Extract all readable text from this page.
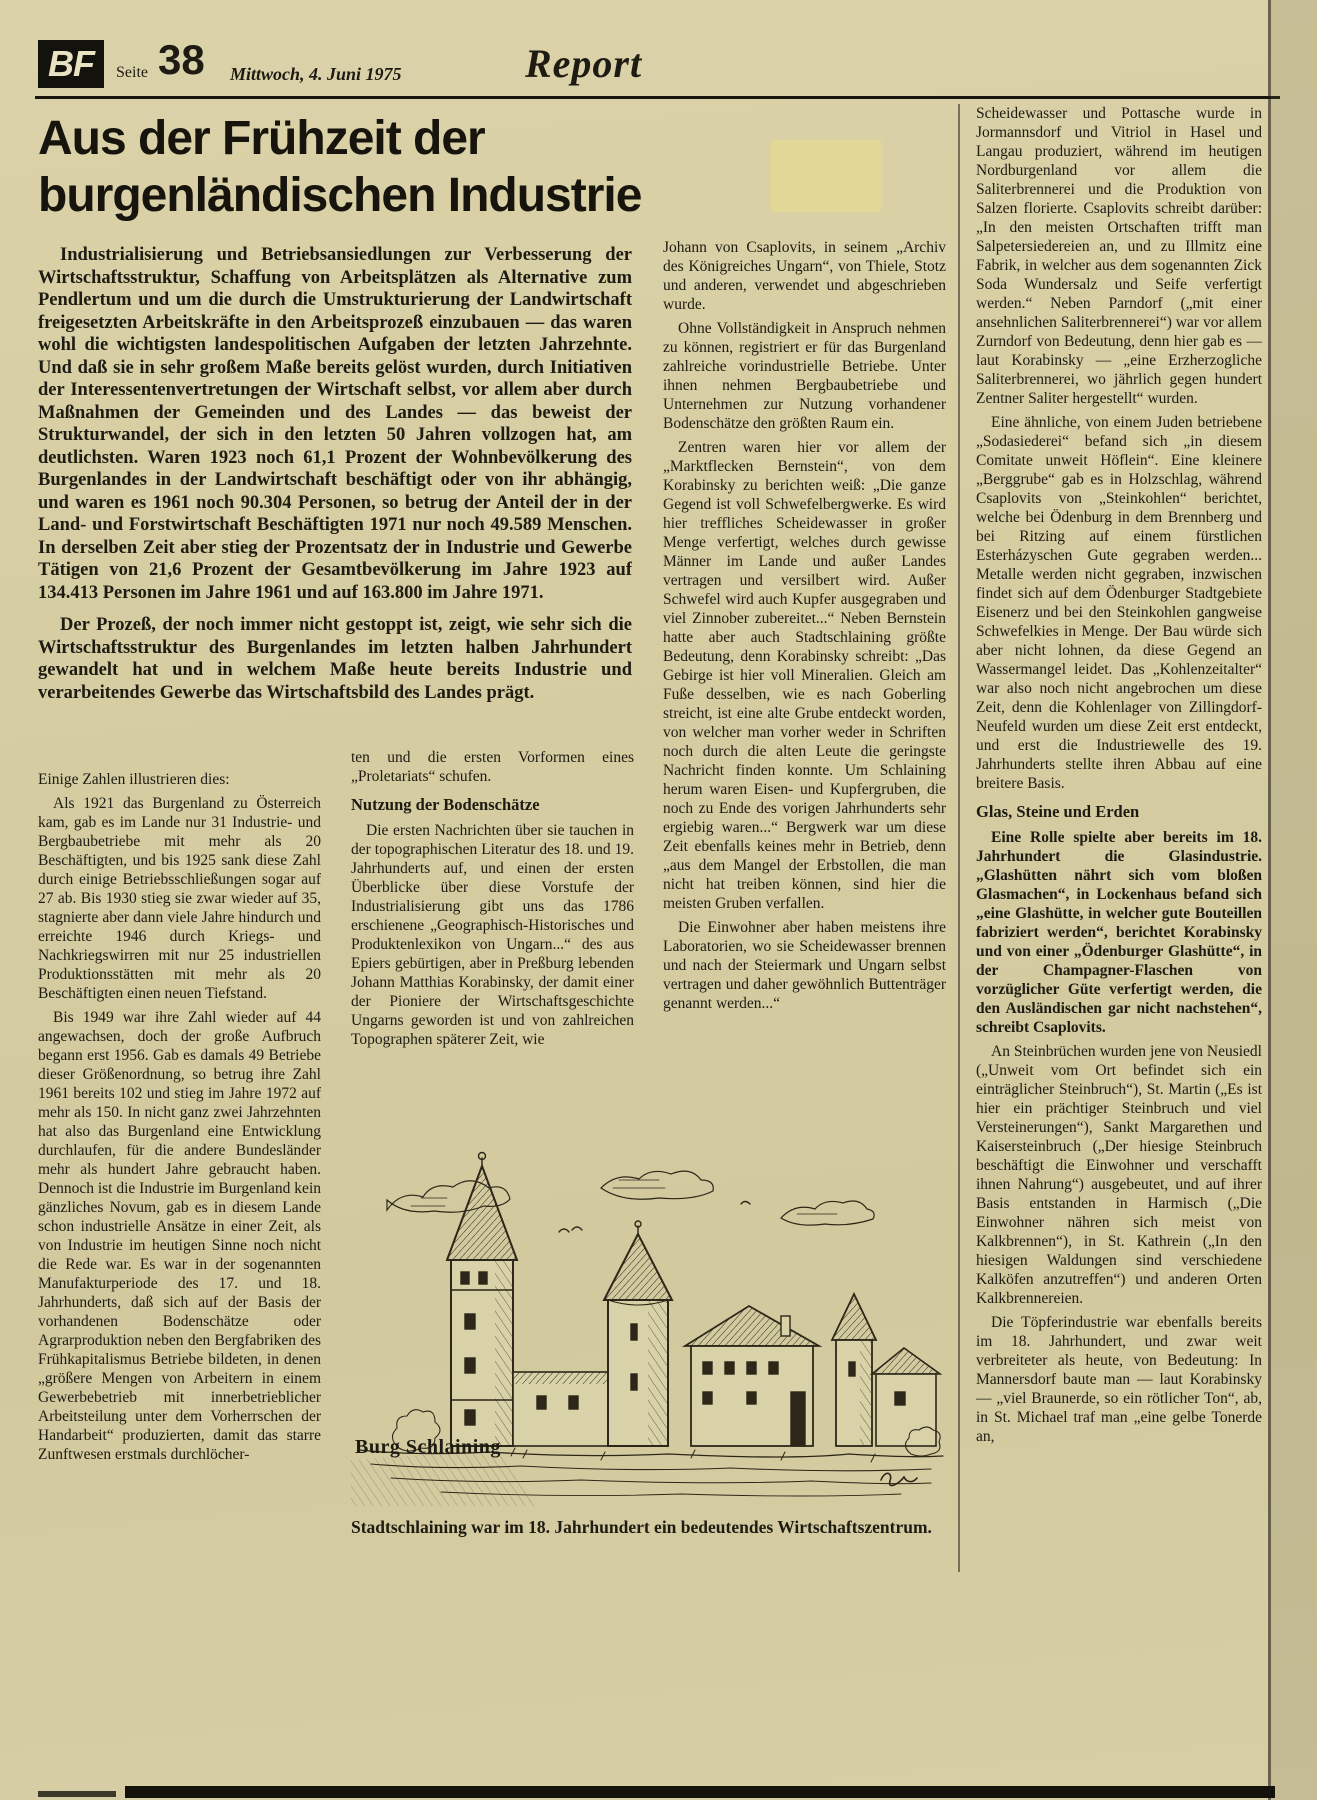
BF	Seite 38 Mittwoch, 4. Juni 1975	Report
Aus der Frühzeit der
burgenländischen Industrie

Industrialisierung und Betriebsansiedlungen zur Verbesserung der Wirtschaftsstruktur, Schaffung von Arbeitsplätzen als Alternative zum Pendlertum und um die durch die Umstrukturierung der Landwirtschaft freigesetzten Arbeitskräfte in den Arbeitsprozeß einzubauen — das waren wohl die wichtigsten landespolitischen Aufgaben der letzten Jahrzehnte. Und daß sie in sehr großem Maße bereits gelöst wurden, durch Initiativen der Interessentenvertretungen der Wirtschaft selbst, vor allem aber durch Maßnahmen der Gemeinden und des Landes — das beweist der Strukturwandel, der sich in den letzten 50 Jahren vollzogen hat, am deutlichsten. Waren 1923 noch 61,1 Prozent der Wohnbevölkerung des Burgenlandes in der Landwirtschaft beschäftigt oder von ihr abhängig, und waren es 1961 noch 90.304 Personen, so betrug der Anteil der in der Land- und Forstwirtschaft Beschäftigten 1971 nur noch 49.589 Menschen. In derselben Zeit aber stieg der Prozentsatz der in Industrie und Gewerbe Tätigen von 21,6 Prozent der Gesamtbevölkerung im Jahre 1923 auf 134.413 Personen im Jahre 1961 und auf 163.800 im Jahre 1971.

Der Prozeß, der noch immer nicht gestoppt ist, zeigt, wie sehr sich die Wirtschaftsstruktur des Burgenlandes im letzten halben Jahrhundert gewandelt hat und in welchem Maße heute bereits Industrie und verarbeitendes Gewerbe das Wirtschaftsbild des Landes prägt.

Einige Zahlen illustrieren dies:

Als 1921 das Burgenland zu Österreich kam, gab es im Lande nur 31 Industrie- und Bergbaubetriebe mit mehr als 20 Beschäftigten, und bis 1925 sank diese Zahl durch einige Betriebsschließungen sogar auf 27 ab. Bis 1930 stieg sie zwar wieder auf 35, stagnierte aber dann viele Jahre hindurch und erreichte 1946 durch Kriegs- und Nachkriegswirren mit nur 25 industriellen Produktionsstätten mit mehr als 20 Beschäftigten einen neuen Tiefstand.

Bis 1949 war ihre Zahl wieder auf 44 angewachsen, doch der große Aufbruch begann erst 1956. Gab es damals 49 Betriebe dieser Größenordnung, so betrug ihre Zahl 1961 bereits 102 und stieg im Jahre 1972 auf mehr als 150. In nicht ganz zwei Jahrzehnten hat also das Burgenland eine Entwicklung durchlaufen, für die andere Bundesländer mehr als hundert Jahre gebraucht haben. Dennoch ist die Industrie im Burgenland kein gänzliches Novum, gab es in diesem Lande schon industrielle Ansätze in einer Zeit, als von Industrie im heutigen Sinne noch nicht die Rede war. Es war in der sogenannten Manufakturperiode des 17. und 18. Jahrhunderts, daß sich auf der Basis der vorhandenen Bodenschätze oder Agrarproduktion neben den Bergfabriken des Frühkapitalismus Betriebe bildeten, in denen „größere Mengen von Arbeitern in einem Gewerbebetrieb mit innerbetrieblicher Arbeitsteilung unter dem Vorherrschen der Handarbeit“ produzierten, damit das starre Zunftwesen erstmals durchlöcher-

ten und die ersten Vorformen eines „Proletariats“ schufen.

Nutzung der Bodenschätze

Die ersten Nachrichten über sie tauchen in der topographischen Literatur des 18. und 19. Jahrhunderts auf, und einen der ersten Überblicke über diese Vorstufe der Industrialisierung gibt uns das 1786 erschienene „Geographisch-Historisches und Produktenlexikon von Ungarn...“ des aus Epiers gebürtigen, aber in Preßburg lebenden Johann Matthias Korabinsky, der damit einer der Pioniere der Wirtschaftsgeschichte Ungarns geworden ist und von zahlreichen Topographen späterer Zeit, wie

Johann von Csaplovits, in seinem „Archiv des Königreiches Ungarn“, von Thiele, Stotz und anderen, verwendet und abgeschrieben wurde.

Ohne Vollständigkeit in Anspruch nehmen zu können, registriert er für das Burgenland zahlreiche vorindustrielle Betriebe. Unter ihnen nehmen Bergbaubetriebe und Unternehmen zur Nutzung vorhandener Bodenschätze den größten Raum ein.

Zentren waren hier vor allem der „Marktflecken Bernstein“, von dem Korabinsky zu berichten weiß: „Die ganze Gegend ist voll Schwefelbergwerke. Es wird hier treffliches Scheidewasser in großer Menge verfertigt, welches durch gewisse Männer im Lande und außer Landes vertragen und versilbert wird. Außer Schwefel wird auch Kupfer ausgegraben und viel Zinnober zubereitet...“ Neben Bernstein hatte aber auch Stadtschlaining größte Bedeutung, denn Korabinsky schreibt: „Das Gebirge ist hier voll Mineralien. Gleich am Fuße desselben, wie es nach Goberling streicht, ist eine alte Grube entdeckt worden, von welcher man vorher weder in Schriften noch durch die alten Leute die geringste Nachricht finden konnte. Um Schlaining herum waren Eisen- und Kupfergruben, die noch zu Ende des vorigen Jahrhunderts sehr ergiebig waren...“ Bergwerk war um diese Zeit ebenfalls keines mehr in Betrieb, denn „aus dem Mangel der Erbstollen, die man nicht hat treiben können, sind hier die meisten Gruben verfallen.

Die Einwohner aber haben meistens ihre Laboratorien, wo sie Scheidewasser brennen und nach der Steiermark und Ungarn selbst vertragen und daher gewöhnlich Buttenträger genannt werden...“

Scheidewasser und Pottasche wurde in Jormannsdorf und Vitriol in Hasel und Langau produziert, während im heutigen Nordburgenland vor allem die Saliterbrennerei und die Produktion von Salzen florierte. Csaplovits schreibt darüber: „In den meisten Ortschaften trifft man Salpetersiedereien an, und zu Illmitz eine Fabrik, in welcher aus dem sogenannten Zick Soda Wundersalz und Seife verfertigt werden.“ Neben Parndorf („mit einer ansehnlichen Saliterbrennerei“) war vor allem Zurndorf von Bedeutung, denn hier gab es — laut Korabinsky — „eine Erzherzogliche Saliterbrennerei, wo jährlich gegen hundert Zentner Saliter hergestellt“ wurden.

Eine ähnliche, von einem Juden betriebene „Sodasiederei“ befand sich „in diesem Comitate unweit Höflein“. Eine kleinere „Berggrube“ gab es in Holzschlag, während Csaplovits von „Steinkohlen“ berichtet, welche bei Ödenburg in dem Brennberg und bei Ritzing auf einem fürstlichen Esterházyschen Gute gegraben werden... Metalle werden nicht gegraben, inzwischen findet sich auf dem Ödenburger Stadtgebiete Eisenerz und bei den Steinkohlen gangweise Schwefelkies in Menge. Der Bau würde sich aber nicht lohnen, da diese Gegend an Wassermangel leidet. Das „Kohlenzeitalter“ war also noch nicht angebrochen um diese Zeit, denn die Kohlenlager von Zillingdorf-Neufeld wurden um diese Zeit erst entdeckt, und erst die Industriewelle des 19. Jahrhunderts stellte ihren Abbau auf eine breitere Basis.

Glas, Steine und Erden

Eine Rolle spielte aber bereits im 18. Jahrhundert die Glasindustrie. „Glashütten nährt sich vom bloßen Glasmachen“, in Lockenhaus befand sich „eine Glashütte, in welcher gute Bouteillen fabriziert werden“, berichtet Korabinsky und von einer „Ödenburger Glashütte“, in der Champagner-Flaschen von vorzüglicher Güte verfertigt werden, die den Ausländischen gar nicht nachstehen“, schreibt Csaplovits.

An Steinbrüchen wurden jene von Neusiedl („Unweit vom Ort befindet sich ein einträglicher Steinbruch“), St. Martin („Es ist hier ein prächtiger Steinbruch und viel Versteinerungen“), Sankt Margarethen und Kaisersteinbruch („Der hiesige Steinbruch beschäftigt die Einwohner und verschafft ihnen Nahrung“) ausgebeutet, und auf ihrer Basis entstanden in Harmisch („Die Einwohner nähren sich meist von Kalkbrennen“), in St. Kathrein („In den hiesigen Waldungen sind verschiedene Kalköfen anzutreffen“) und anderen Orten Kalkbrennereien.

Die Töpferindustrie war ebenfalls bereits im 18. Jahrhundert, und zwar weit verbreiteter als heute, von Bedeutung: In Mannersdorf baute man — laut Korabinsky — „viel Braunerde, so ein rötlicher Ton“, ab, in St. Michael traf man „eine gelbe Tonerde an,

Burg Schlaining
Stadtschlaining war im 18. Jahrhundert ein bedeutendes Wirtschaftszentrum.
